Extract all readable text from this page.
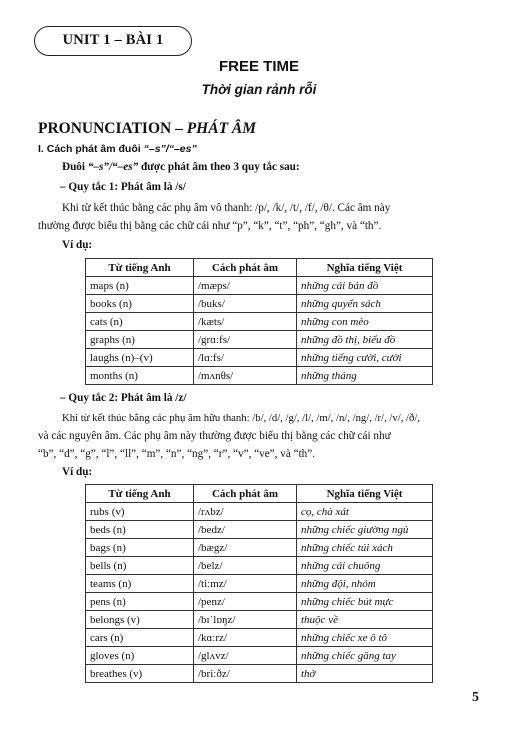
UNIT 1 – BÀI 1
FREE TIME
Thời gian rảnh rỗi
PRONUNCIATION – PHÁT ÂM
I. Cách phát âm đuôi “–s”/“–es”
Đuôi “–s”/“–es” được phát âm theo 3 quy tắc sau:
– Quy tắc 1: Phát âm là /s/
Khi từ kết thúc bằng các phụ âm vô thanh: /p/, /k/, /t/, /f/, /θ/. Các âm này
thường được biểu thị bằng các chữ cái như “p”, “k”, “t”, “ph”, “gh”, và “th”.
Ví dụ:
Từ tiếng Anh	Cách phát âm	Nghĩa tiếng Việt
maps (n)	/mæps/	những cái bản đồ
books (n)	/buks/	những quyển sách
cats (n)	/kæts/	những con mèo
graphs (n)	/grɑːfs/	những đồ thị, biểu đồ
laughs (n)–(v)	/lɑːfs/	những tiếng cười, cười
months (n)	/mʌnθs/	những tháng
– Quy tắc 2: Phát âm là /z/
Khi từ kết thúc bằng các phụ âm hữu thanh: /b/, /d/, /g/, /l/, /m/, /n/, /ng/, /r/, /v/, /ð/,
và các nguyên âm. Các phụ âm này thường được biểu thị bằng các chữ cái như
“b”, “d”, “g”, “l”, “ll”, “m”, “n”, “ng”, “r”, “v”, “ve”, và “th”.
Ví dụ:
Từ tiếng Anh	Cách phát âm	Nghĩa tiếng Việt
rubs (v)	/rʌbz/	cọ, chà xát
beds (n)	/bedz/	những chiếc giường ngủ
bags (n)	/bægz/	những chiếc túi xách
bells (n)	/belz/	những cái chuông
teams (n)	/tiːmz/	những đội, nhóm
pens (n)	/penz/	những chiếc bút mực
belongs (v)	/bɪˈlɒŋz/	thuộc về
cars (n)	/kɑːrz/	những chiếc xe ô tô
gloves (n)	/glʌvz/	những chiếc găng tay
breathes (v)	/briːðz/	thở
5
